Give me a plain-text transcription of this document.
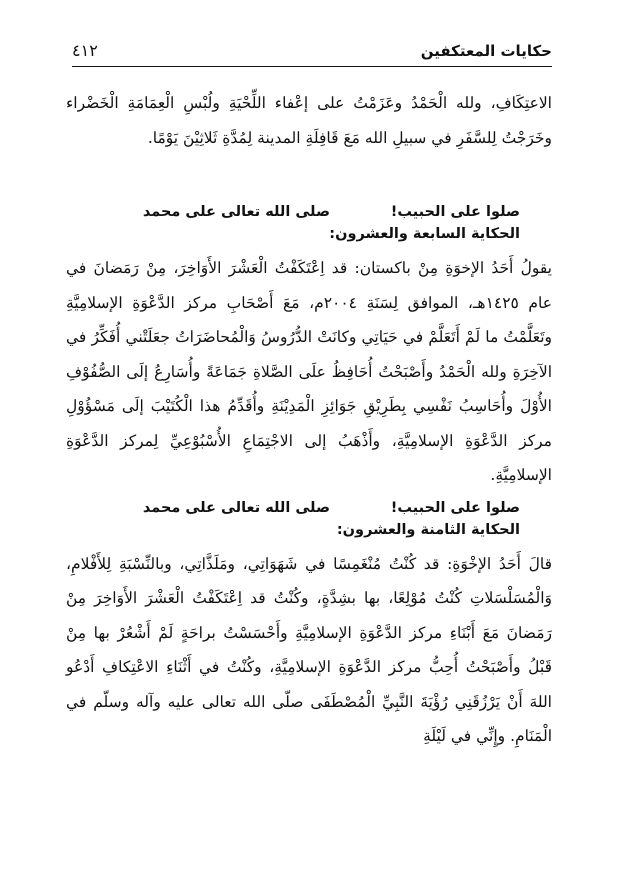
حكايات المعتكفين
٤١٢

الاعتِكَافِ، ولله الْحَمْدُ وعَزَمْتُ على إعْفاء اللِّحْيَةِ ولُبْسِ الْعِمَامَةِ الْخَضْراء وخَرَجْتُ لِلسَّفَرِ في سبيلِ الله مَعَ قَافِلَةِ المدينة لِمُدَّةِ ثَلاثِيْنَ يَوْمًا.

صلوا على الحبيب!
صلى الله تعالى على محمد
الحكاية السابعة والعشرون:

يقولُ أَحَدُ الإخوَةِ مِنْ باكستان: قد اِعْتَكَفْتُ الْعَشْرَ الأَوَاخِرَ، مِنْ رَمَضانَ في عام ١٤٢٥هـ، الموافق لِسَنَةِ ٢٠٠٤م، مَعَ أَصْحَابِ مركز الدَّعْوَةِ الإسلامِيَّةِ وتَعَلَّمْتُ ما لَمْ أَتَعَلَّمْ في حَيَاتِي وكانَتْ الدُّرُوسُ وَالْمُحاضَرَاتُ جعَلَتْني أُفَكِّرُ في الآخِرَةِ ولله الْحَمْدُ وأَصْبَحْتُ أُحَافِظُ علَى الصَّلاةِ جَمَاعَةً وأُسَارِعُ إلَى الصُّفُوْفِ الأُوْلَ وأُحَاسِبُ نَفْسِي بِطَرِيْقِ جَوَائِزِ الْمَدِيْنَةِ وأُقَدِّمُ هذا الْكُتَيْبَ إلَى مَسْؤُوْلِ مركز الدَّعْوَةِ الإسلامِيَّةِ، وأَذْهَبُ إلى الاجْتِمَاعِ الأُسْبُوْعِيِّ لِمركز الدَّعْوَةِ الإسلامِيَّةِ.

صلوا على الحبيب!
صلى الله تعالى على محمد
الحكاية الثامنة والعشرون:

قالَ أَحَدُ الإخْوَةِ: قد كُنْتُ مُنْغَمِسًا في شَهَوَاتِي، ومَلَذَّاتِي، وبالنِّسْبَةِ لِلأَفْلامِ، وَالْمُسَلْسَلاتِ كُنْتُ مُوْلِعًا، بها بشِدَّةٍ، وكُنْتُ قد اِعْتَكَفْتُ الْعَشْرَ الأَوَاخِرَ مِنْ رَمَضانَ مَعَ أَبْنَاءِ مركز الدَّعْوَةِ الإسلامِيَّةِ وأَحْسَسْتُ براحَةٍ لَمْ أَشْعُرْ بها مِنْ قَبْلُ وأَصْبَحْتُ أُحِبُّ مركز الدَّعْوَةِ الإسلامِيَّةِ، وكُنْتُ في أَثْنَاءِ الاعْتِكافِ أَدْعُو اللهَ أَنْ يَرْزُقَنِي رُؤْيَةَ النَّبِيِّ الْمُصْطَفَى صلّى الله تعالى عليه وآله وسلّم في الْمَنَامِ. وإِنِّي في لَيْلَةِ
